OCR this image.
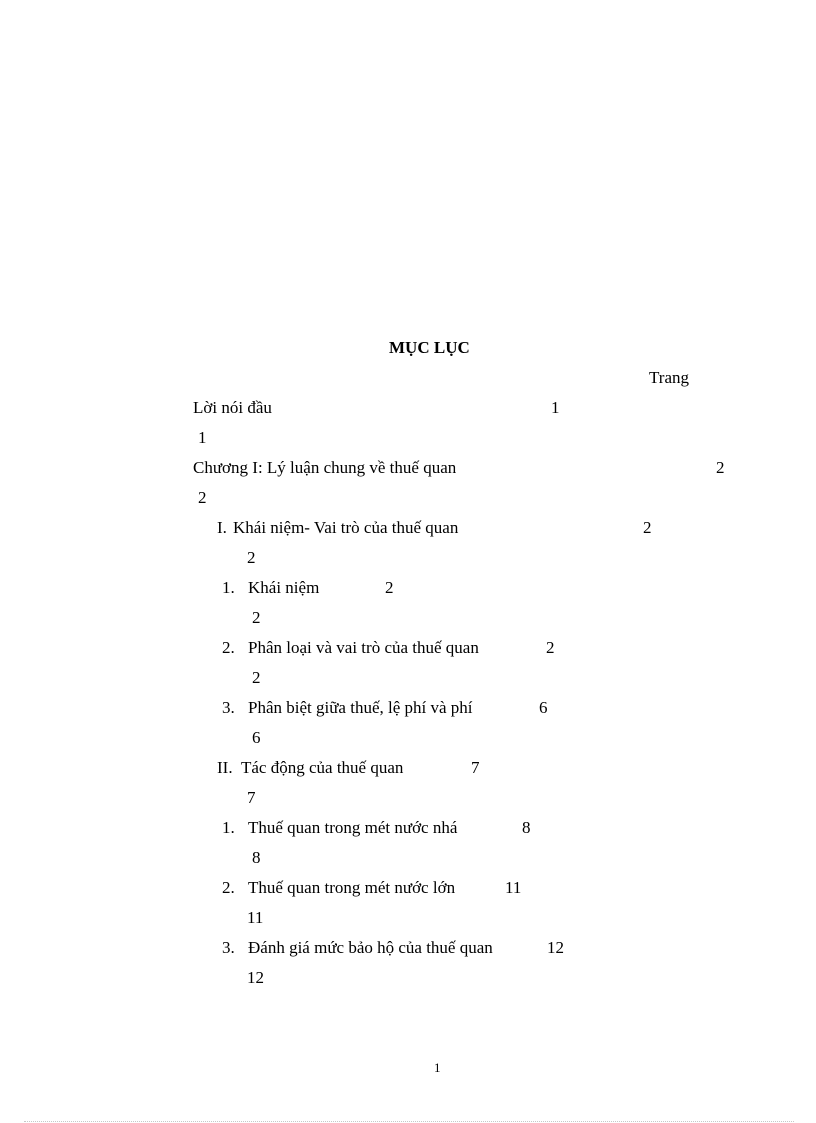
MỤC LỤC
Trang
Lời nói đầu	1
1
Chương I: Lý luận chung về thuế quan	2
2
I. Khái niệm- Vai trò của thuế quan	2
2
1. Khái niệm	2
2
2. Phân loại và vai trò của thuế quan	2
2
3. Phân biệt giữa thuế, lệ phí và phí	6
6
II. Tác động của thuế quan	7
7
1. Thuế quan trong mét nước nhá	8
8
2. Thuế quan trong mét nước lớn	11
11
3. Đánh giá mức bảo hộ của thuế quan	12
12
1
